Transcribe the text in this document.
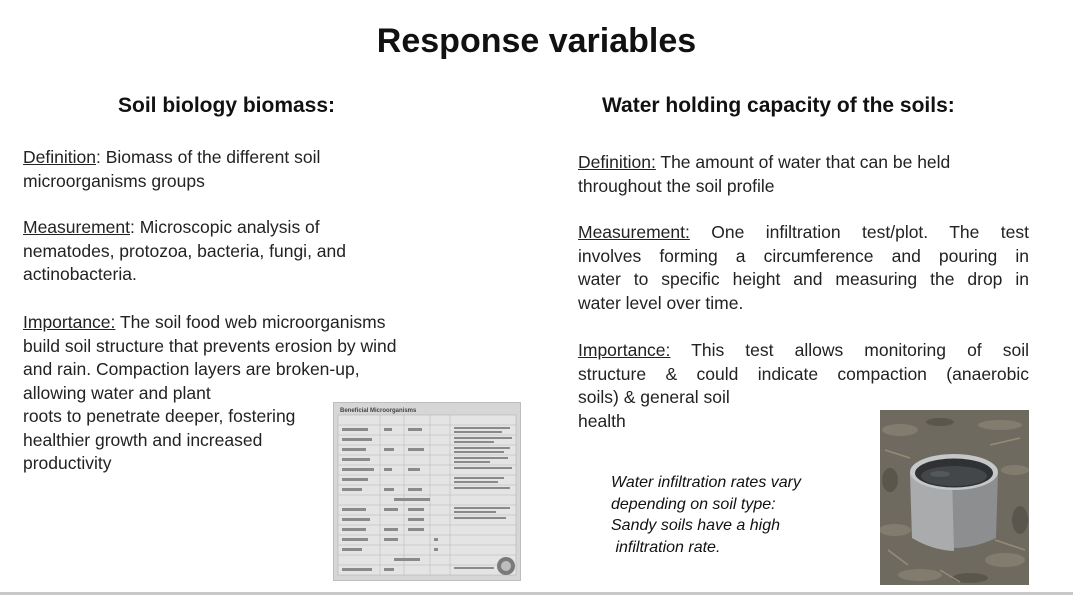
Response variables
Soil biology biomass:	Water holding capacity of the soils:
Definition: Biomass of the different soil
microorganisms groups
Measurement: Microscopic analysis of
nematodes, protozoa, bacteria, fungi, and
actinobacteria.
Importance: The soil food web microorganisms
build soil structure that prevents erosion by wind
and rain. Compaction layers are broken-up,
allowing water and plant
roots to penetrate deeper, fostering
healthier growth and increased
productivity
Beneficial Microorganisms
Definition: The amount of water that can be held
throughout the soil profile
Measurement: One infiltration test/plot. The test
involves forming a circumference and pouring in
water to specific height and measuring the drop in
water level over time.
Importance: This test allows monitoring of soil
structure & could indicate compaction (anaerobic
soils) & general soil
health
Water infiltration rates vary
depending on soil type:
Sandy soils have a high
infiltration rate.
